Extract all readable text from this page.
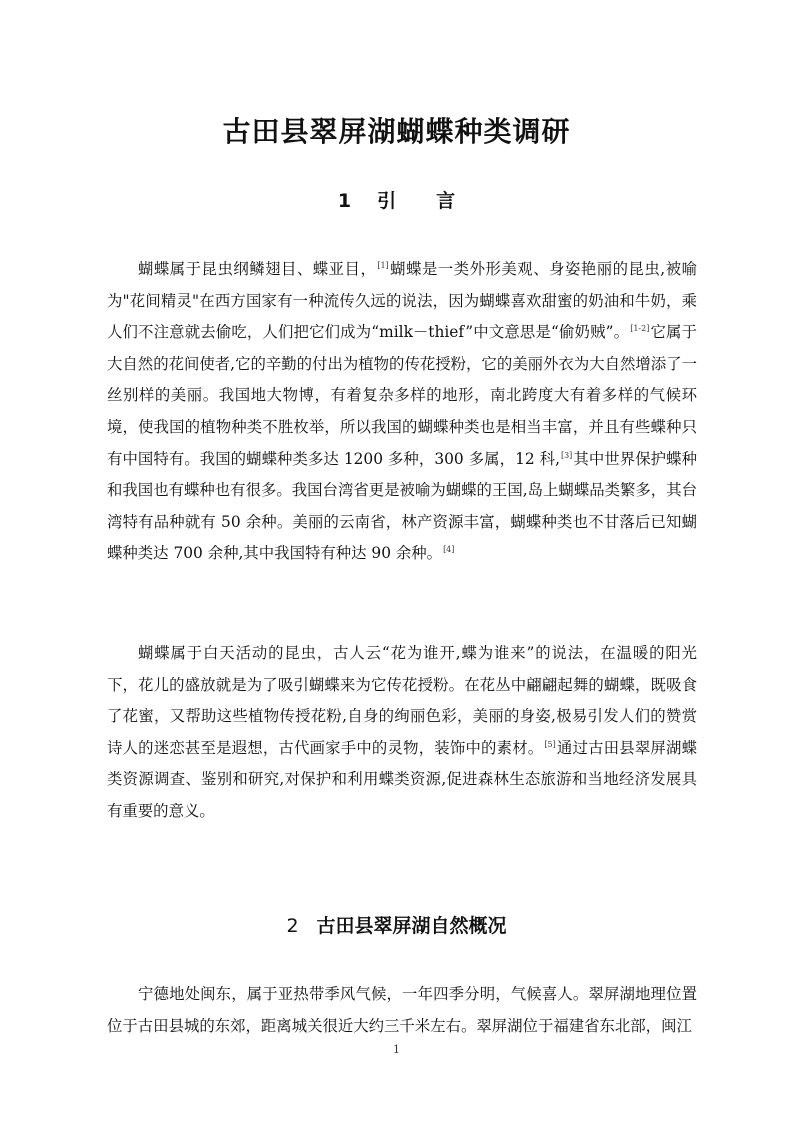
古田县翠屏湖蝴蝶种类调研
1 引 言

蝴蝶属于昆虫纲鳞翅目、蝶亚目，[1]蝴蝶是一类外形美观、身姿艳丽的昆虫,被喻为"花间精灵"在西方国家有一种流传久远的说法，因为蝴蝶喜欢甜蜜的奶油和牛奶，乘人们不注意就去偷吃，人们把它们成为“milk－thief”中文意思是“偷奶贼”。[1-2]它属于大自然的花间使者,它的辛勤的付出为植物的传花授粉，它的美丽外衣为大自然增添了一丝别样的美丽。我国地大物博，有着复杂多样的地形，南北跨度大有着多样的气候环境，使我国的植物种类不胜枚举，所以我国的蝴蝶种类也是相当丰富，并且有些蝶种只有中国特有。我国的蝴蝶种类多达 1200 多种，300 多属，12 科,[3]其中世界保护蝶种和我国也有蝶种也有很多。我国台湾省更是被喻为蝴蝶的王国,岛上蝴蝶品类繁多，其台湾特有品种就有 50 余种。美丽的云南省，林产资源丰富，蝴蝶种类也不甘落后已知蝴蝶种类达 700 余种,其中我国特有种达 90 余种。[4]

蝴蝶属于白天活动的昆虫，古人云“花为谁开,蝶为谁来”的说法，在温暖的阳光下，花儿的盛放就是为了吸引蝴蝶来为它传花授粉。在花丛中翩翩起舞的蝴蝶，既吸食了花蜜，又帮助这些植物传授花粉,自身的绚丽色彩，美丽的身姿,极易引发人们的赞赏诗人的迷恋甚至是遐想，古代画家手中的灵物，装饰中的素材。[5]通过古田县翠屏湖蝶类资源调查、鉴别和研究,对保护和利用蝶类资源,促进森林生态旅游和当地经济发展具有重要的意义。

2 古田县翠屏湖自然概况

宁德地处闽东，属于亚热带季风气候，一年四季分明，气候喜人。翠屏湖地理位置位于古田县城的东郊，距离城关很近大约三千米左右。翠屏湖位于福建省东北部，闽江

1
